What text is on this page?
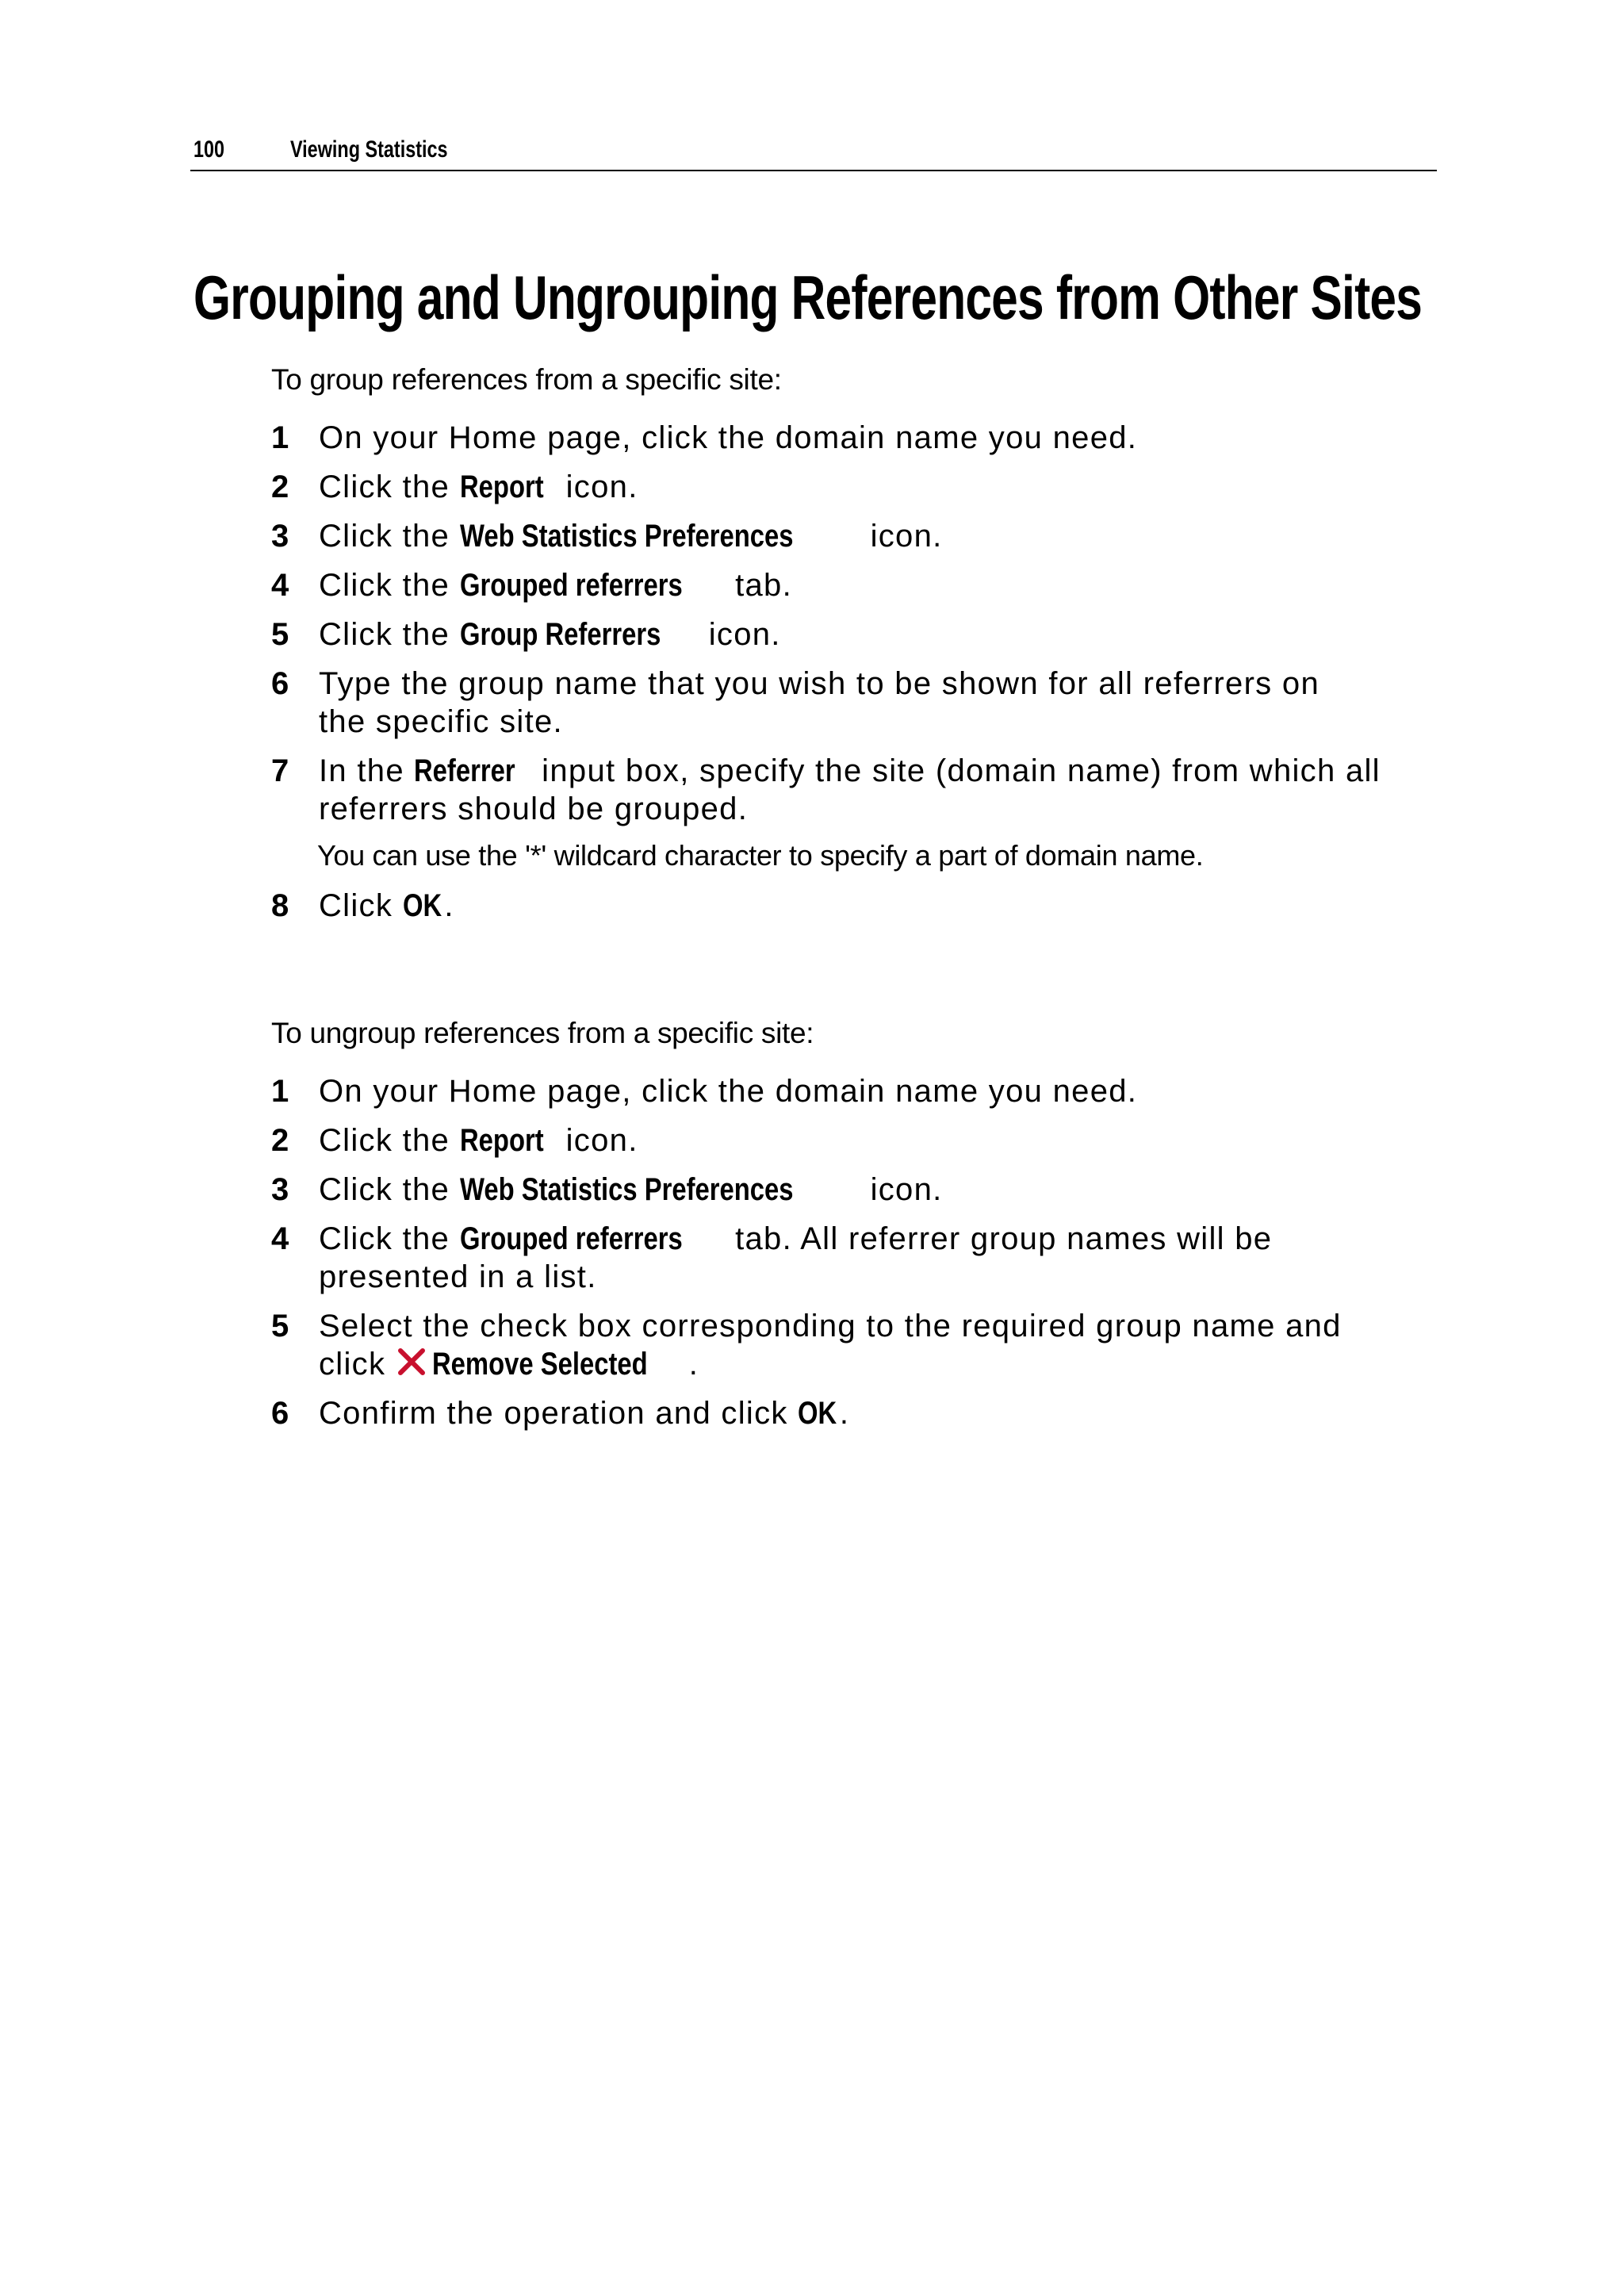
100	Viewing Statistics
Grouping and Ungrouping References from Other Sites
To group references from a specific site:
1 On your Home page, click the domain name you need.
2 Click the Report icon.
3 Click the Web Statistics Preferences icon.
4 Click the Grouped referrers tab.
5 Click the Group Referrers icon.
6 Type the group name that you wish to be shown for all referrers on
the specific site.
7 In the Referrer input box, specify the site (domain name) from which all
referrers should be grouped.
You can use the '*' wildcard character to specify a part of domain name.
8 Click OK.
To ungroup references from a specific site:
1 On your Home page, click the domain name you need.
2 Click the Report icon.
3 Click the Web Statistics Preferences icon.
4 Click the Grouped referrers tab. All referrer group names will be
presented in a list.
5 Select the check box corresponding to the required group name and
click Remove Selected .
6 Confirm the operation and click OK.
